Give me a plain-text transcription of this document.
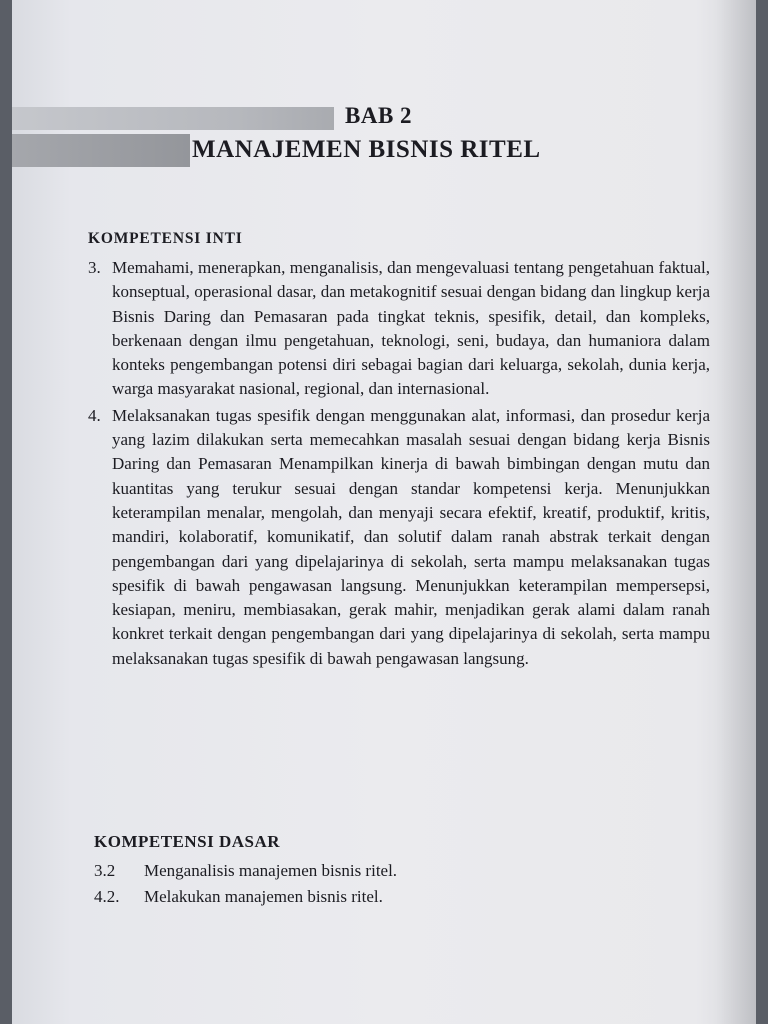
BAB 2
MANAJEMEN BISNIS RITEL
KOMPETENSI INTI
3. Memahami, menerapkan, menganalisis, dan mengevaluasi tentang pengetahuan faktual, konseptual, operasional dasar, dan metakognitif sesuai dengan bidang dan lingkup kerja Bisnis Daring dan Pemasaran pada tingkat teknis, spesifik, detail, dan kompleks, berkenaan dengan ilmu pengetahuan, teknologi, seni, budaya, dan humaniora dalam konteks pengembangan potensi diri sebagai bagian dari keluarga, sekolah, dunia kerja, warga masyarakat nasional, regional, dan internasional.
4. Melaksanakan tugas spesifik dengan menggunakan alat, informasi, dan prosedur kerja yang lazim dilakukan serta memecahkan masalah sesuai dengan bidang kerja Bisnis Daring dan Pemasaran Menampilkan kinerja di bawah bimbingan dengan mutu dan kuantitas yang terukur sesuai dengan standar kompetensi kerja. Menunjukkan keterampilan menalar, mengolah, dan menyaji secara efektif, kreatif, produktif, kritis, mandiri, kolaboratif, komunikatif, dan solutif dalam ranah abstrak terkait dengan pengembangan dari yang dipelajarinya di sekolah, serta mampu melaksanakan tugas spesifik di bawah pengawasan langsung. Menunjukkan keterampilan mempersepsi, kesiapan, meniru, membiasakan, gerak mahir, menjadikan gerak alami dalam ranah konkret terkait dengan pengembangan dari yang dipelajarinya di sekolah, serta mampu melaksanakan tugas spesifik di bawah pengawasan langsung.
KOMPETENSI DASAR
3.2	Menganalisis manajemen bisnis ritel.
4.2.	Melakukan manajemen bisnis ritel.
